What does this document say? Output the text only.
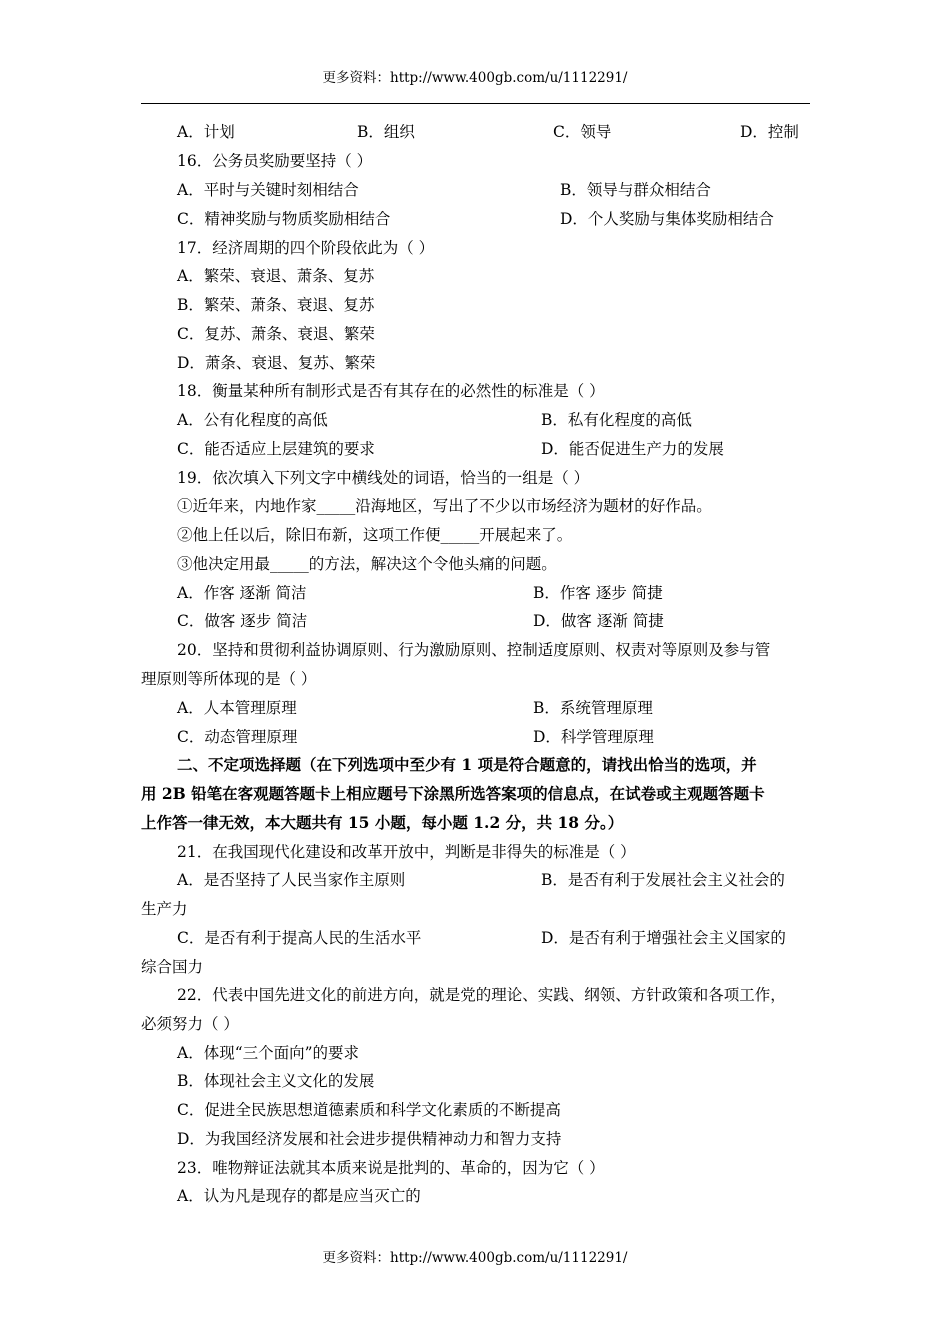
更多资料：http://www.400gb.com/u/1112291/
A．计划	B．组织	C．领导	D．控制
16．公务员奖励要坚持（ ）
A．平时与关键时刻相结合	B．领导与群众相结合
C．精神奖励与物质奖励相结合	D．个人奖励与集体奖励相结合
17．经济周期的四个阶段依此为（ ）
A．繁荣、衰退、萧条、复苏
B．繁荣、萧条、衰退、复苏
C．复苏、萧条、衰退、繁荣
D．萧条、衰退、复苏、繁荣
18．衡量某种所有制形式是否有其存在的必然性的标准是（ ）
A．公有化程度的高低	B．私有化程度的高低
C．能否适应上层建筑的要求	D．能否促进生产力的发展
19．依次填入下列文字中横线处的词语，恰当的一组是（ ）
①近年来，内地作家_____沿海地区，写出了不少以市场经济为题材的好作品。
②他上任以后，除旧布新，这项工作便_____开展起来了。
③他决定用最_____的方法，解决这个令他头痛的问题。
A．作客 逐渐 简洁	B．作客 逐步 简捷
C．做客 逐步 简洁	D．做客 逐渐 简捷
20．坚持和贯彻利益协调原则、行为激励原则、控制适度原则、权责对等原则及参与管
理原则等所体现的是（ ）
A．人本管理原理	B．系统管理原理
C．动态管理原理	D．科学管理原理
二、不定项选择题（在下列选项中至少有 1 项是符合题意的，请找出恰当的选项，并
用 2B 铅笔在客观题答题卡上相应题号下涂黑所选答案项的信息点，在试卷或主观题答题卡
上作答一律无效，本大题共有 15 小题，每小题 1.2 分，共 18 分。）
21．在我国现代化建设和改革开放中，判断是非得失的标准是（ ）
A．是否坚持了人民当家作主原则	B．是否有利于发展社会主义社会的
生产力
C．是否有利于提高人民的生活水平	D．是否有利于增强社会主义国家的
综合国力
22．代表中国先进文化的前进方向，就是党的理论、实践、纲领、方针政策和各项工作，
必须努力（ ）
A．体现“三个面向”的要求
B．体现社会主义文化的发展
C．促进全民族思想道德素质和科学文化素质的不断提高
D．为我国经济发展和社会进步提供精神动力和智力支持
23．唯物辩证法就其本质来说是批判的、革命的，因为它（ ）
A．认为凡是现存的都是应当灭亡的
更多资料：http://www.400gb.com/u/1112291/
